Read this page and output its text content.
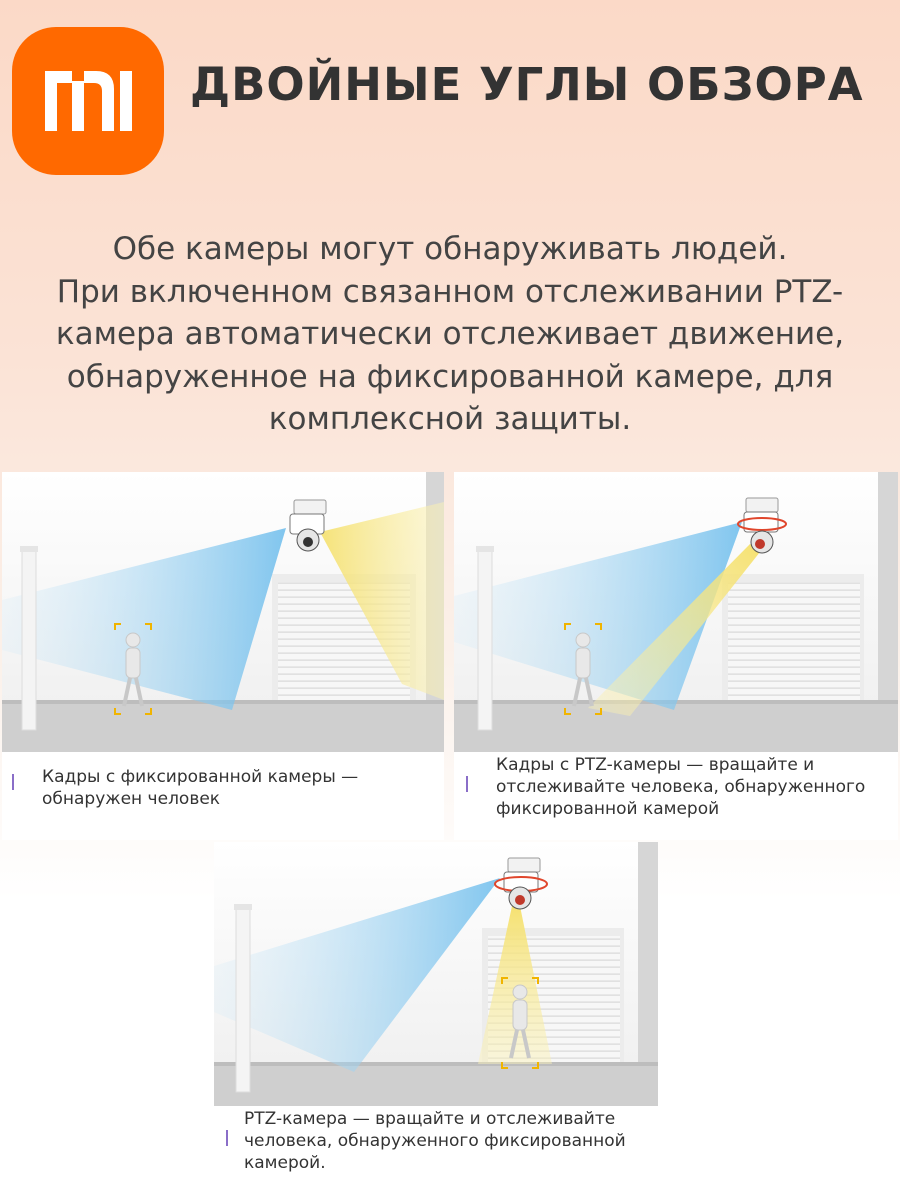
ДВОЙНЫЕ УГЛЫ ОБЗОРА
Обе камеры могут обнаруживать людей.
При включенном связанном отслеживании PTZ-
камера автоматически отслеживает движение,
обнаруженное на фиксированной камере, для
комплексной защиты.
Кадры с фиксированной камеры —
обнаружен человек
Кадры с PTZ-камеры — вращайте и
отслеживайте человека, обнаруженного
фиксированной камерой
PTZ-камера — вращайте и отслеживайте
человека, обнаруженного фиксированной
камерой.
